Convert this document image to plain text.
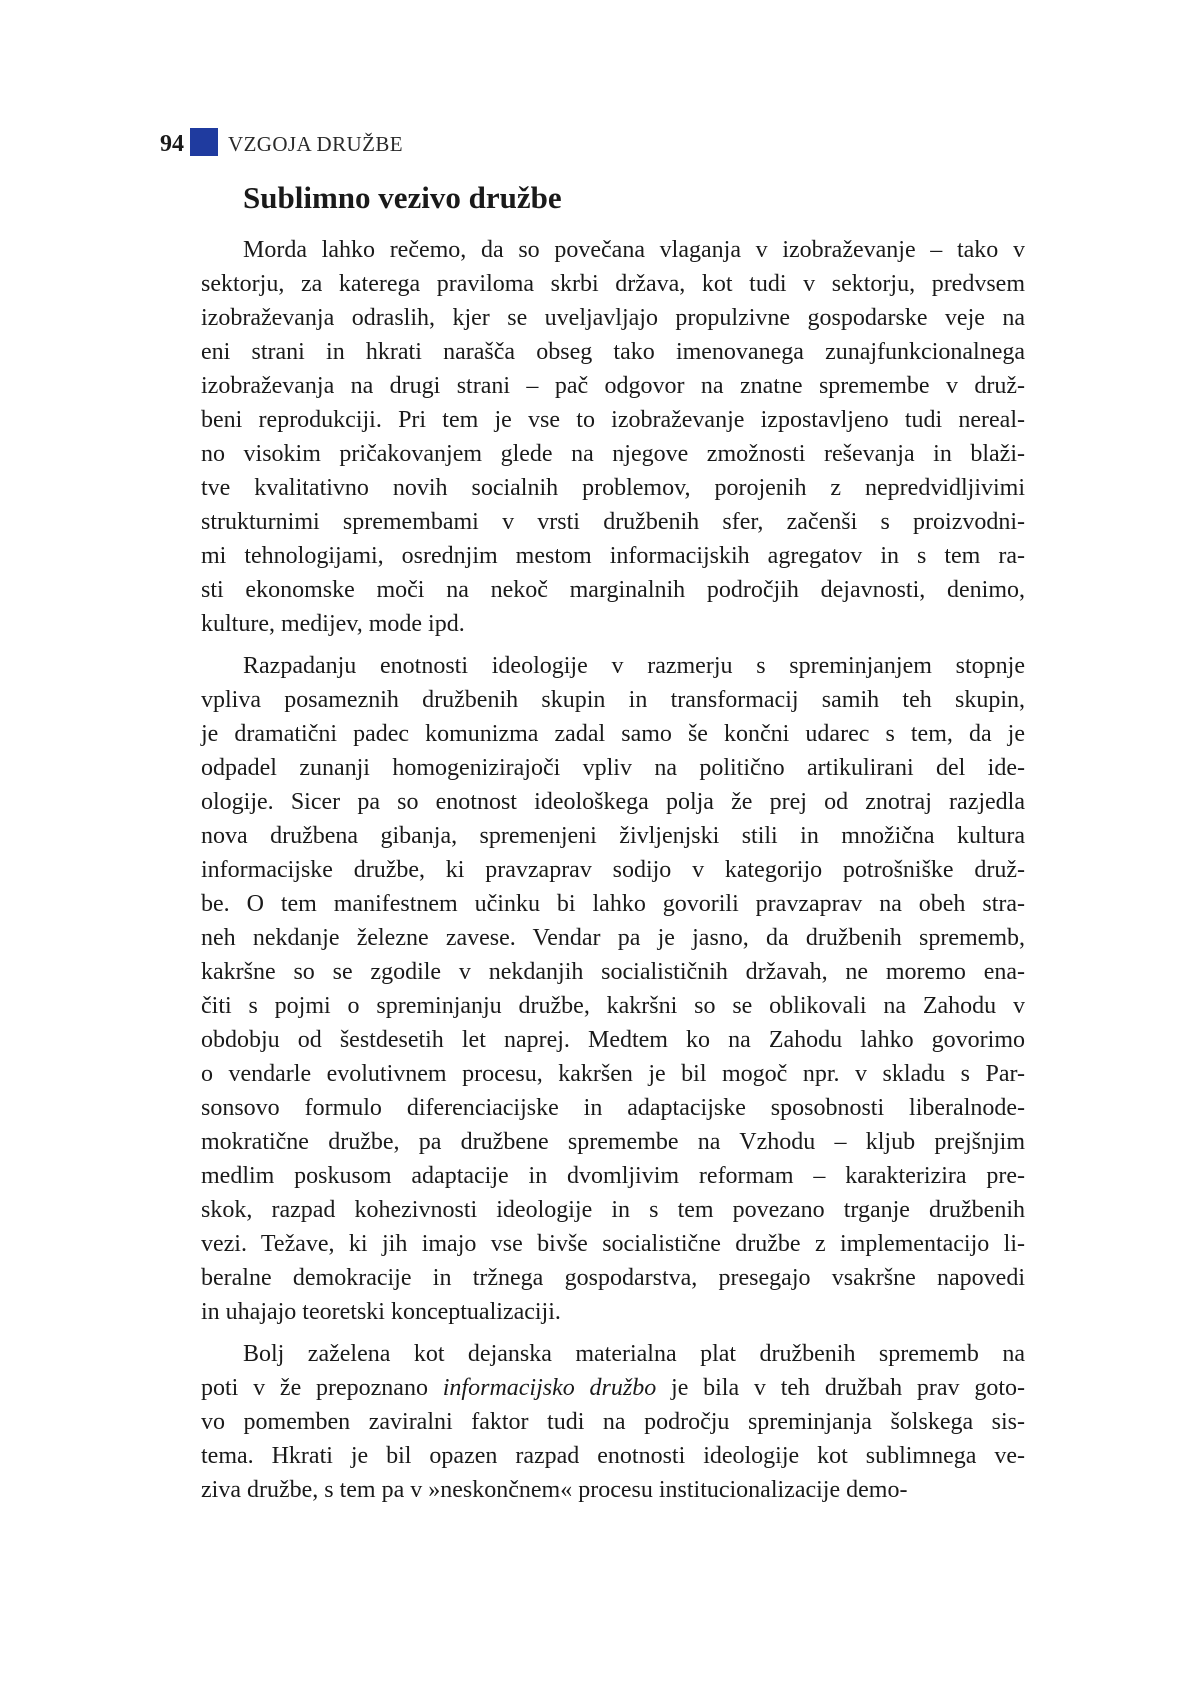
94 VZGOJA DRUŽBE
Sublimno vezivo družbe
Morda lahko rečemo, da so povečana vlaganja v izobraževanje – tako v
sektorju, za katerega praviloma skrbi država, kot tudi v sektorju, predvsem
izobraževanja odraslih, kjer se uveljavljajo propulzivne gospodarske veje na
eni strani in hkrati narašča obseg tako imenovanega zunajfunkcionalnega
izobraževanja na drugi strani – pač odgovor na znatne spremembe v druž-
beni reprodukciji. Pri tem je vse to izobraževanje izpostavljeno tudi nereal-
no visokim pričakovanjem glede na njegove zmožnosti reševanja in blaži-
tve kvalitativno novih socialnih problemov, porojenih z nepredvidljivimi
strukturnimi spremembami v vrsti družbenih sfer, začenši s proizvodni-
mi tehnologijami, osrednjim mestom informacijskih agregatov in s tem ra-
sti ekonomske moči na nekoč marginalnih področjih dejavnosti, denimo,
kulture, medijev, mode ipd.
Razpadanju enotnosti ideologije v razmerju s spreminjanjem stopnje
vpliva posameznih družbenih skupin in transformacij samih teh skupin,
je dramatični padec komunizma zadal samo še končni udarec s tem, da je
odpadel zunanji homogenizirajoči vpliv na politično artikulirani del ide-
ologije. Sicer pa so enotnost ideološkega polja že prej od znotraj razjedla
nova družbena gibanja, spremenjeni življenjski stili in množična kultura
informacijske družbe, ki pravzaprav sodijo v kategorijo potrošniške druž-
be. O tem manifestnem učinku bi lahko govorili pravzaprav na obeh stra-
neh nekdanje železne zavese. Vendar pa je jasno, da družbenih sprememb,
kakršne so se zgodile v nekdanjih socialističnih državah, ne moremo ena-
čiti s pojmi o spreminjanju družbe, kakršni so se oblikovali na Zahodu v
obdobju od šestdesetih let naprej. Medtem ko na Zahodu lahko govorimo
o vendarle evolutivnem procesu, kakršen je bil mogoč npr. v skladu s Par-
sonsovo formulo diferenciacijske in adaptacijske sposobnosti liberalnode-
mokratične družbe, pa družbene spremembe na Vzhodu – kljub prejšnjim
medlim poskusom adaptacije in dvomljivim reformam – karakterizira pre-
skok, razpad kohezivnosti ideologije in s tem povezano trganje družbenih
vezi. Težave, ki jih imajo vse bivše socialistične družbe z implementacijo li-
beralne demokracije in tržnega gospodarstva, presegajo vsakršne napovedi
in uhajajo teoretski konceptualizaciji.
Bolj zaželena kot dejanska materialna plat družbenih sprememb na
poti v že prepoznano informacijsko družbo je bila v teh družbah prav goto-
vo pomemben zaviralni faktor tudi na področju spreminjanja šolskega sis-
tema. Hkrati je bil opazen razpad enotnosti ideologije kot sublimnega ve-
ziva družbe, s tem pa v »neskončnem« procesu institucionalizacije demo-
